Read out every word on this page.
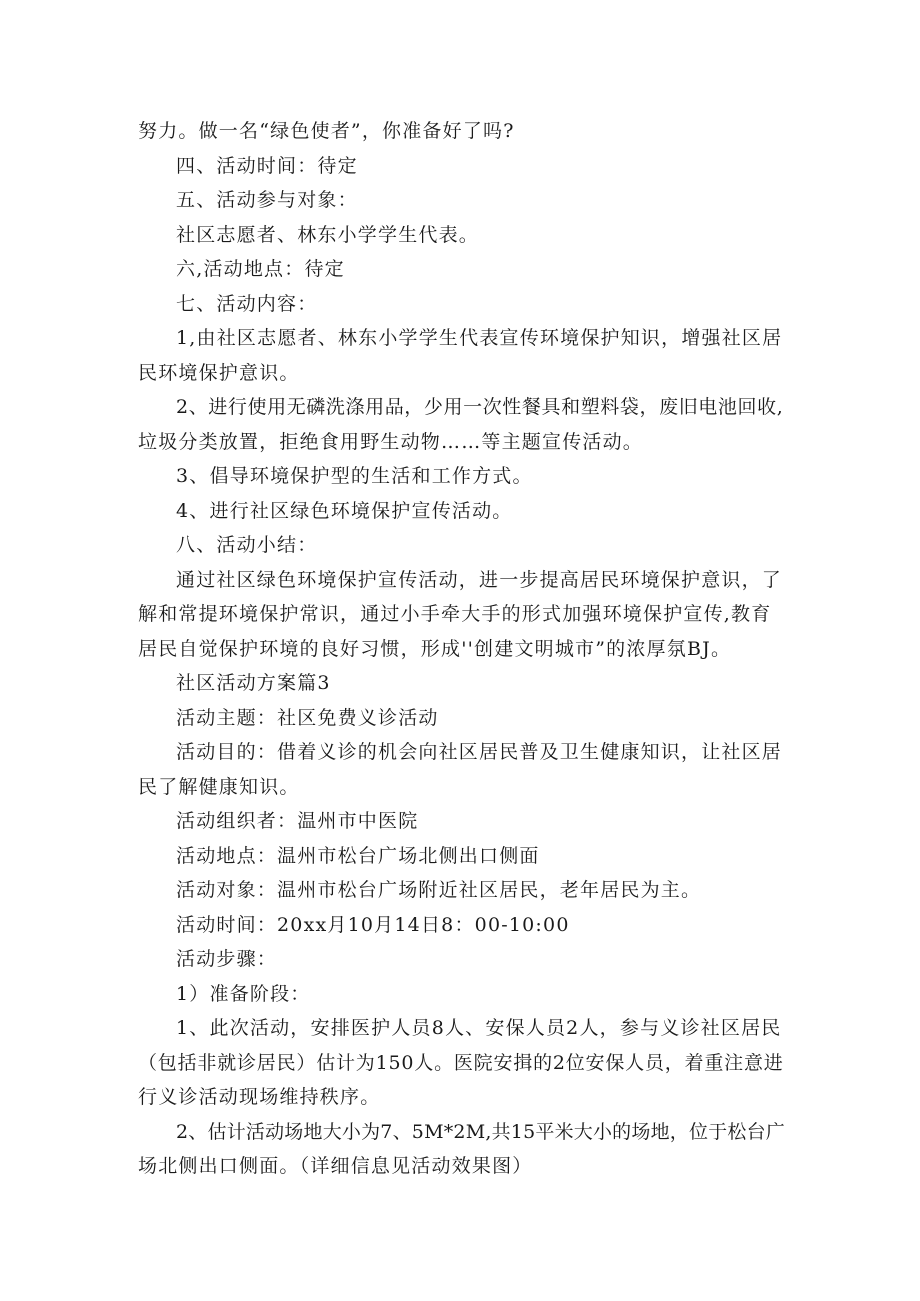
努力。做一名“绿色使者”，你准备好了吗?

四、活动时间：待定

五、活动参与对象：

社区志愿者、林东小学学生代表。

六,活动地点：待定

七、活动内容：

1,由社区志愿者、林东小学学生代表宣传环境保护知识，增强社区居

民环境保护意识。

2、进行使用无磷洗涤用品，少用一次性餐具和塑料袋，废旧电池回收,

垃圾分类放置，拒绝食用野生动物……等主题宣传活动。

3、倡导环境保护型的生活和工作方式。

4、进行社区绿色环境保护宣传活动。

八、活动小结：

通过社区绿色环境保护宣传活动，进一步提高居民环境保护意识，了

解和常提环境保护常识，通过小手牵大手的形式加强环境保护宣传,教育

居民自觉保护环境的良好习惯，形成''创建文明城市”的浓厚氛BJ。

社区活动方案篇3

活动主题：社区免费义诊活动

活动目的：借着义诊的机会向社区居民普及卫生健康知识，让社区居

民了解健康知识。

活动组织者：温州市中医院

活动地点：温州市松台广场北侧出口侧面

活动对象：温州市松台广场附近社区居民，老年居民为主。

活动时间：20xx月10月14日8：00-10:00

活动步骤：

1）准备阶段：

1、此次活动，安排医护人员8人、安保人员2人，参与义诊社区居民

（包括非就诊居民）估计为150人。医院安揖的2位安保人员，着重注意进

行义诊活动现场维持秩序。

2、估计活动场地大小为7、5M*2M,共15平米大小的场地，位于松台广

场北侧出口侧面。（详细信息见活动效果图）
